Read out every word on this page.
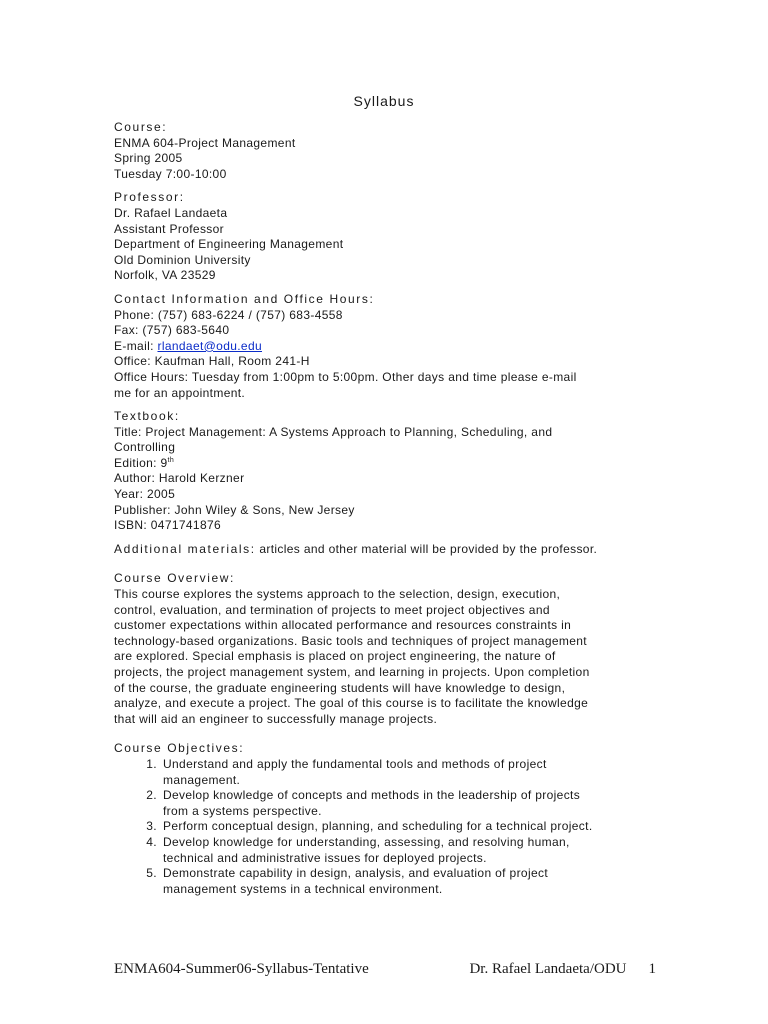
Syllabus
Course:
ENMA 604-Project Management
Spring 2005
Tuesday 7:00-10:00
Professor:
Dr. Rafael Landaeta
Assistant Professor
Department of Engineering Management
Old Dominion University
Norfolk, VA 23529
Contact Information and Office Hours:
Phone: (757) 683-6224 / (757) 683-4558
Fax: (757) 683-5640
E-mail: rlandaet@odu.edu
Office: Kaufman Hall, Room 241-H
Office Hours: Tuesday from 1:00pm to 5:00pm. Other days and time please e-mail
me for an appointment.
Textbook:
Title: Project Management: A Systems Approach to Planning, Scheduling, and
Controlling
Edition: 9th
Author: Harold Kerzner
Year: 2005
Publisher: John Wiley & Sons, New Jersey
ISBN: 0471741876
Additional materials: articles and other material will be provided by the professor.
Course Overview:
This course explores the systems approach to the selection, design, execution,
control, evaluation, and termination of projects to meet project objectives and
customer expectations within allocated performance and resources constraints in
technology-based organizations. Basic tools and techniques of project management
are explored. Special emphasis is placed on project engineering, the nature of
projects, the project management system, and learning in projects. Upon completion
of the course, the graduate engineering students will have knowledge to design,
analyze, and execute a project. The goal of this course is to facilitate the knowledge
that will aid an engineer to successfully manage projects.
Course Objectives:
1. Understand and apply the fundamental tools and methods of project
management.
2. Develop knowledge of concepts and methods in the leadership of projects
from a systems perspective.
3. Perform conceptual design, planning, and scheduling for a technical project.
4. Develop knowledge for understanding, assessing, and resolving human,
technical and administrative issues for deployed projects.
5. Demonstrate capability in design, analysis, and evaluation of project
management systems in a technical environment.
ENMA604-Summer06-Syllabus-Tentative	Dr. Rafael Landaeta/ODU 1
